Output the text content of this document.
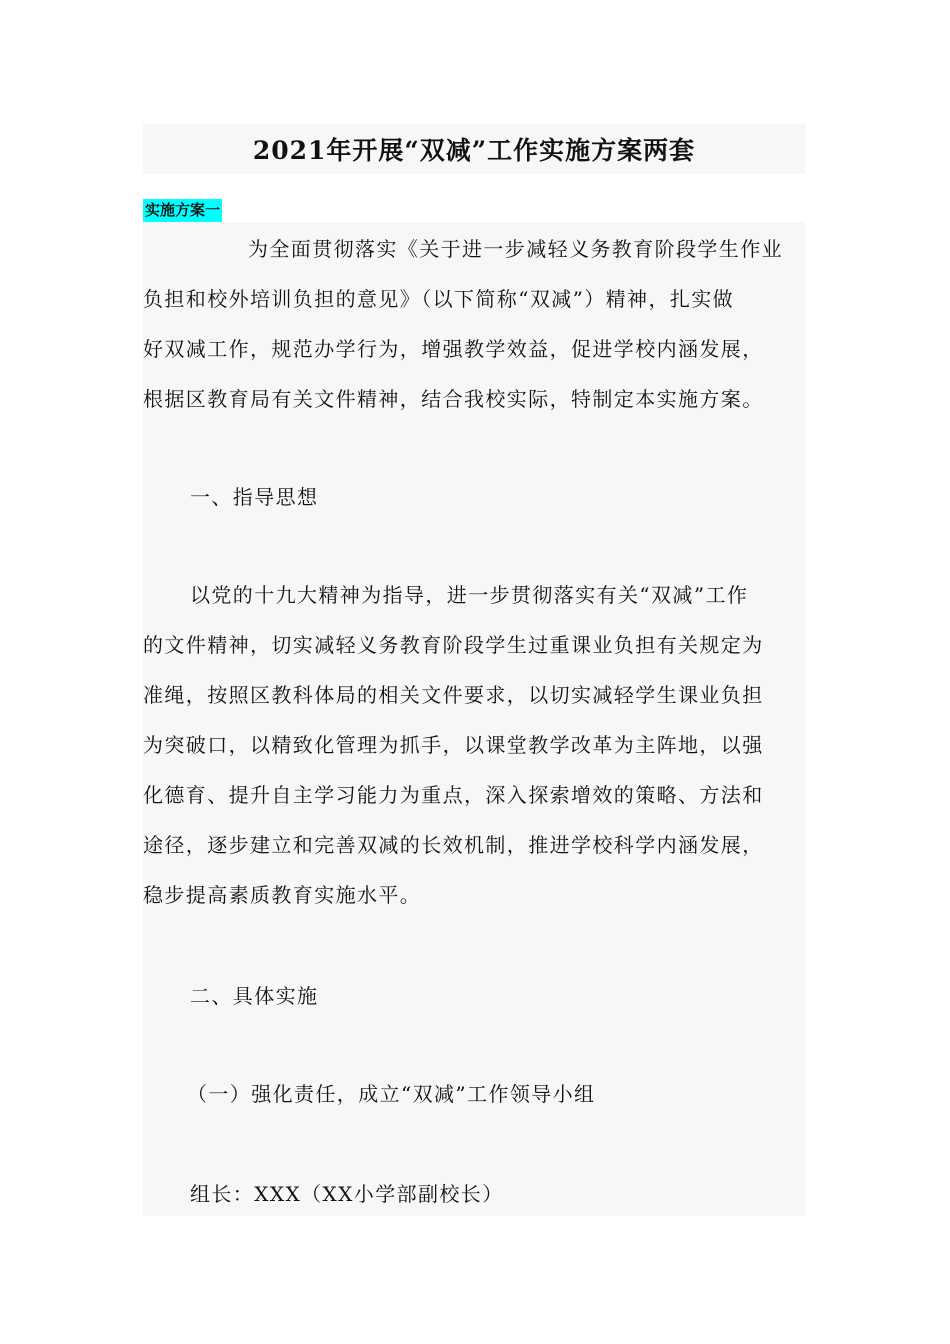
2021年开展“双减”工作实施方案两套
实施方案一
为全面贯彻落实《关于进一步减轻义务教育阶段学生作业
负担和校外培训负担的意见》（以下简称“双减”）精神，扎实做
好双减工作，规范办学行为，增强教学效益，促进学校内涵发展，
根据区教育局有关文件精神，结合我校实际，特制定本实施方案。
一、指导思想
以党的十九大精神为指导，进一步贯彻落实有关“双减”工作
的文件精神，切实减轻义务教育阶段学生过重课业负担有关规定为
准绳，按照区教科体局的相关文件要求，以切实减轻学生课业负担
为突破口，以精致化管理为抓手，以课堂教学改革为主阵地，以强
化德育、提升自主学习能力为重点，深入探索增效的策略、方法和
途径，逐步建立和完善双减的长效机制，推进学校科学内涵发展，
稳步提高素质教育实施水平。
二、具体实施
（一）强化责任，成立“双减”工作领导小组
组长：XXX（XX小学部副校长）
